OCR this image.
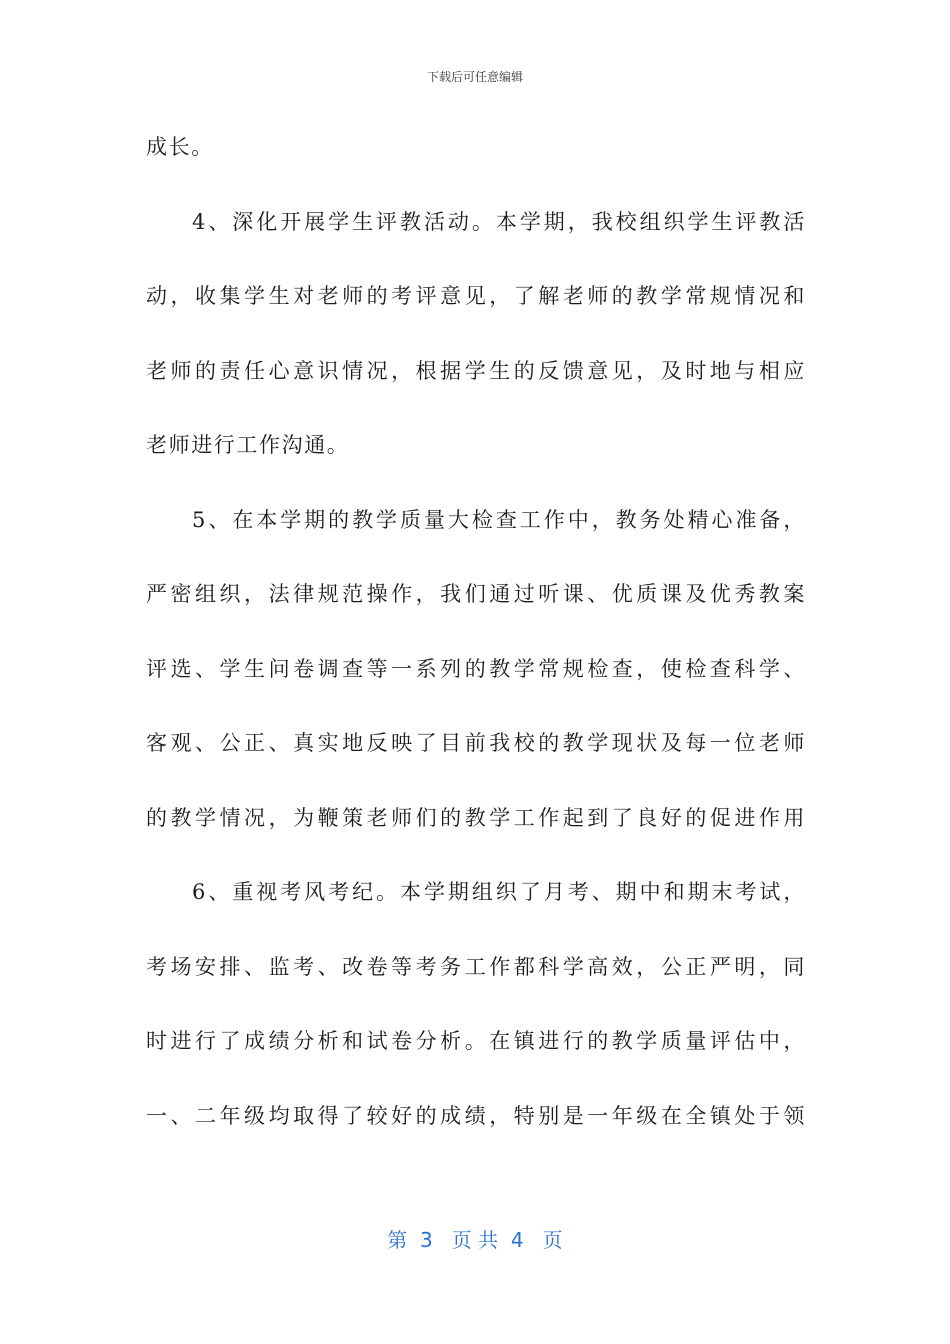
下载后可任意编辑
成长。
4、深化开展学生评教活动。本学期，我校组织学生评教活
动，收集学生对老师的考评意见，了解老师的教学常规情况和
老师的责任心意识情况，根据学生的反馈意见，及时地与相应
老师进行工作沟通。
5、在本学期的教学质量大检查工作中，教务处精心准备，
严密组织，法律规范操作，我们通过听课、优质课及优秀教案
评选、学生问卷调查等一系列的教学常规检查，使检查科学、
客观、公正、真实地反映了目前我校的教学现状及每一位老师
的教学情况，为鞭策老师们的教学工作起到了良好的促进作用
6、重视考风考纪。本学期组织了月考、期中和期末考试，
考场安排、监考、改卷等考务工作都科学高效，公正严明，同
时进行了成绩分析和试卷分析。在镇进行的教学质量评估中，
一、二年级均取得了较好的成绩，特别是一年级在全镇处于领
第  3   页 共  4   页
